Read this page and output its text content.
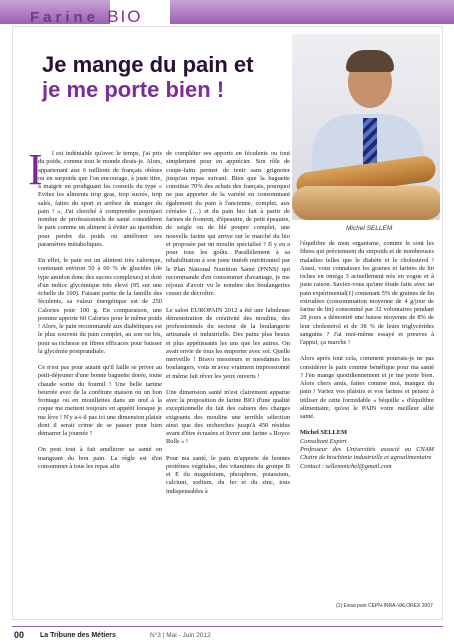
Farine BIO
Je mange du pain et
je me porte bien !
Michel SELLEM
I	l est indéniable qu'avec le temps, j'ai pris du poids, comme tout le monde dirais-je. Alors, appartenant aux 6 millions de français obèses ou en surpoids que l'on encourage, à juste titre, à maigrir en prodiguant les conseils du type « Evitez les aliments trop gras, trop sucrés, trop salés, faites du sport et arrêtez de manger du pain ! », J'ai cherché à comprendre pourquoi nombre de professionnels de santé considèrent le pain comme un aliment à éviter au quotidien pour perdre du poids ou améliorer ses paramètres métaboliques.

En effet, le pain est un aliment très calorique, contenant environ 50 à 60 % de glucides (de type amidon donc des sucres complexes) et doté d'un indice glycémique très élevé (95 sur une échelle de 100). Faisant partie de la famille des féculents, sa valeur énergétique est de 250 Calories pour 100 g. En comparaison, une pomme apporte 60 Calories pour le même poids ! Alors, le pain recommandé aux diabétiques est le plus souvent du pain complet, au son ou bis, pour sa richesse en fibres efficaces pour baisser la glycémie postprandiale.

Ce n'est pas pour autant qu'il faille se priver au petit-déjeuner d'une bonne baguette dorée, toute chaude sortie du fournil ! Une belle tartine beurrée avec de la confiture maison ou un bon fromage ou en mouillettes dans un œuf à la coque me mettent toujours en appétit lorsque je me lève ! N'y a-t-il pas ici une dimension plaisir dont il serait crime de se passer pour bien démarrer la journée ?

On peut tout à fait améliorer sa santé en mangeant du bon pain. La règle est d'en consommer à tous les repas afin

de compléter ses apports en féculents ou tout simplement pour en apprécier. Son rôle de coupe-faim permet de tenir sans grignoter jusqu'au repas suivant. Bien que la baguette constitue 70% des achats des français, pourquoi ne pas apporter de la variété en consommant également du pain à l'ancienne, complet, aux céréales (…) et du pain bio fait à partir de farines de froment, d'épeautre, de petit épeautre, de seigle ou de blé poupre complet, une nouvelle farine qui arrive sur le marché du bio et proposée par un moulin spécialisé ? Il y en a pour tous les goûts. Parallèlement à sa réhabilitation à son juste intérêt nutritionnel par le Plan National Nutrition Santé (PNNS) qui recommande d'en consommer d'avantage, je me réjouis d'avoir vu le nombre des boulangeries cesser de décroître.

Le salon EUROPAIN 2012 a été une fabuleuse démonstration de créativité des moulins, des professionnels du secteur de la boulangerie artisanale et industrielle. Des pains plus beaux et plus appétissants les uns que les autres. On avait envie de tous les emporter avec soi. Quelle merveille ! Bravo messieurs et mesdames les boulangers, vous m'avez vraiment impressionné et même fait rêver les yeux ouverts !

Une dimension santé m'est clairement apparue avec la proposition de farine BIO d'une qualité exceptionnelle du fait des cahiers des charges exigeants des moulins une terrible sélection ainsi que des recherches jusqu'à 450 résidus avant d'être écrasées et livrer une farine « Royce Rolls » !

Pour ma santé, le pain m'apporte de bonnes protéines végétales, des vitamines du groupe B et E du magnésium, phosphore, potassium, calcium, sodium, du fer et du zinc, tous indispensables à

l'équilibre de mon organisme, comme le sont les fibres qui préviennent du surpoids et de nombreuses maladies telles que le diabète et le cholestérol ! Aussi, vous connaissez les graines et farines de lin riches en oméga 3 actuellement très en vogue et à juste raison. Saviez-vous qu'une étude faite avec un pain expérimental(1) contenant 5% de graines de lin extrudées (consommation moyenne de 4 g/jour de farine de lin) consommé par 32 volontaires pendant 28 jours a démontré une baisse moyenne de 8% de leur cholestérol et de 38 % de leurs triglycérides sanguins ? J'ai moi-même essayé et preuves à l'appui, ça marche !

Alors après tout cela, comment pourrais-je ne pas considérer le pain comme bénéfique pour ma santé ? J'en mange quotidiennement et je me porte bien. Alors chers amis, faites comme moi, mangez du pain ! Variez vos plaisirs et vos farines et pensez à utiliser de cette formidable « béquille » d'équilibre alimentaire, qu'est le PAIN votre meilleur allié santé.

Michel SELLEM
Consultant Expert
Professeur des Universités associé au CNAM Chaire de biochimie industrielle et agroalimentaire
Contact : sellemmichel@gmail.com
(1) Essai pain CEPN-INRA-VALOREX 2007
00 La Tribune des Métiers	N°3 | Mai - Juin 2012
